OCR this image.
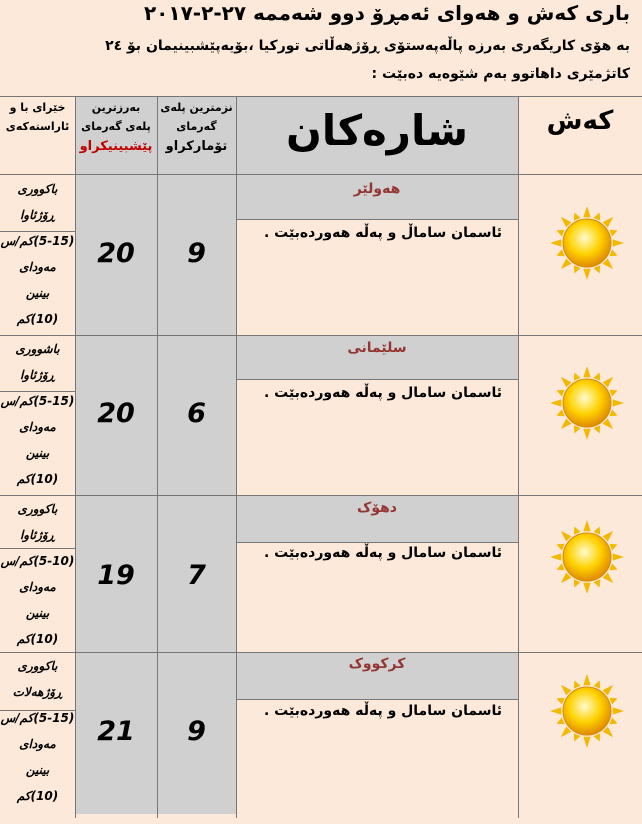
باری کەش و هەوای ئەمڕۆ دوو شەممە ٢٧-٢-٢٠١٧
بە هۆی کاریگەری بەرزە پاڵەپەستۆی ڕۆژهەڵاتی تورکیا ،بۆیەپێشبینیمان بۆ ٢٤
کاتژمێری داهاتوو بەم شێوەیە دەبێت :
کەش
شارەکان
نزمترین پلەی
گەرمای
تۆمارکراو
بەرزترین
پلەی گەرمای
پێشبینیکراو
خێرای با و
ئاراستەکەی
هەولێر
ئاسمان ساماڵ و پەڵە هەوردەبێت .
9
20
باکووری
ڕۆژئاوا
(5-15)کم/س
مەودای
بینین
(10)کم
سلێمانی
ئاسمان سامال و پەڵە هەوردەبێت .
6
20
باشووری
ڕۆژئاوا
(5-15)کم/س
مەودای
بینین
(10)کم
دهۆک
ئاسمان سامال و پەڵە هەوردەبێت .
7
19
باکووری
ڕۆژئاوا
(5-10)کم/س
مەودای
بینین
(10)کم
کرکووک
ئاسمان سامال و پەڵە هەوردەبێت .
9
21
باکووری
ڕۆژهەلات
(5-15)کم/س
مەودای
بینین
(10)کم
